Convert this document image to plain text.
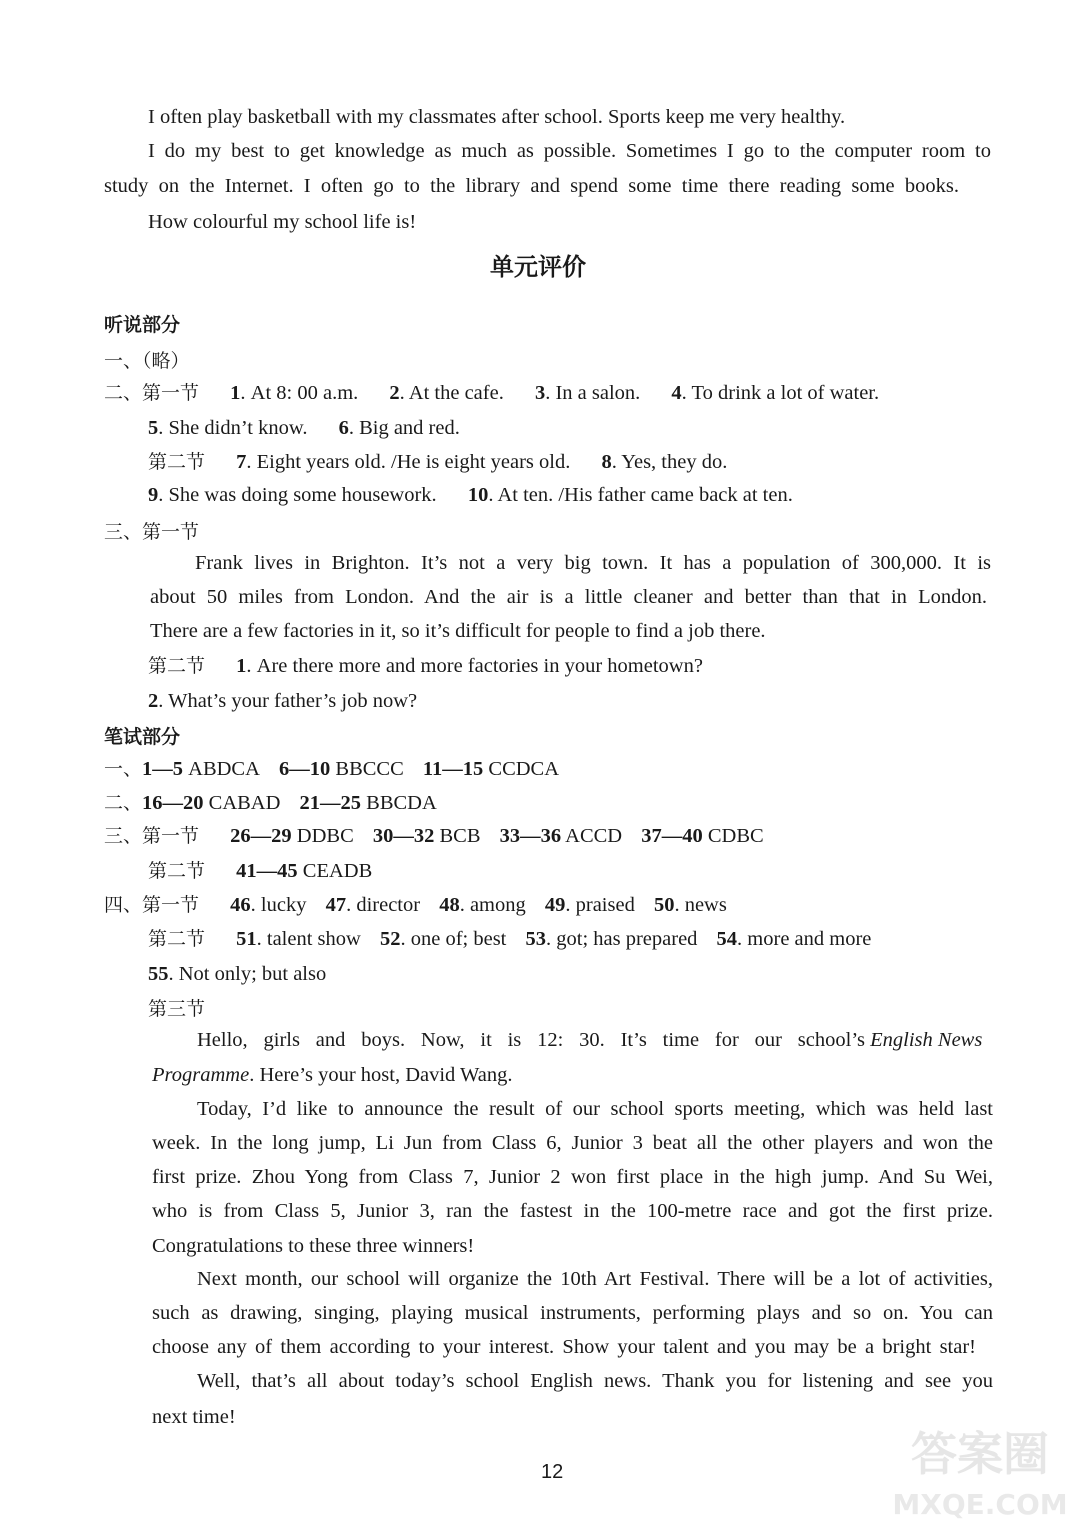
I often play basketball with my classmates after school. Sports keep me very healthy.
I do my best to get knowledge as much as possible. Sometimes I go to the computer room to
study on the Internet. I often go to the library and spend some time there reading some books.
How colourful my school life is!
单元评价
听说部分
一、（略）
二、第一节 1. At 8: 00 a.m. 2. At the cafe. 3. In a salon. 4. To drink a lot of water.
5. She didn’t know. 6. Big and red.
第二节 7. Eight years old. /He is eight years old. 8. Yes, they do.
9. She was doing some housework. 10. At ten. /His father came back at ten.
三、第一节
Frank lives in Brighton. It’s not a very big town. It has a population of 300,000. It is
about 50 miles from London. And the air is a little cleaner and better than that in London.
There are a few factories in it, so it’s difficult for people to find a job there.
第二节 1. Are there more and more factories in your hometown?
2. What’s your father’s job now?
笔试部分
一、1—5 ABDCA 6—10 BBCCC 11—15 CCDCA
二、16—20 CABAD 21—25 BBCDA
三、第一节 26—29 DDBC 30—32 BCB 33—36 ACCD 37—40 CDBC
第二节 41—45 CEADB
四、第一节 46. lucky 47. director 48. among 49. praised 50. news
第二节 51. talent show 52. one of; best 53. got; has prepared 54. more and more
55. Not only; but also
第三节
Hello, girls and boys. Now, it is 12: 30. It’s time for our school’s English News
Programme. Here’s your host, David Wang.
Today, I’d like to announce the result of our school sports meeting, which was held last
week. In the long jump, Li Jun from Class 6, Junior 3 beat all the other players and won the
first prize. Zhou Yong from Class 7, Junior 2 won first place in the high jump. And Su Wei,
who is from Class 5, Junior 3, ran the fastest in the 100-metre race and got the first prize.
Congratulations to these three winners!
Next month, our school will organize the 10th Art Festival. There will be a lot of activities,
such as drawing, singing, playing musical instruments, performing plays and so on. You can
choose any of them according to your interest. Show your talent and you may be a bright star!
Well, that’s all about today’s school English news. Thank you for listening and see you
next time!
12	答案圈
MXQE.COM
